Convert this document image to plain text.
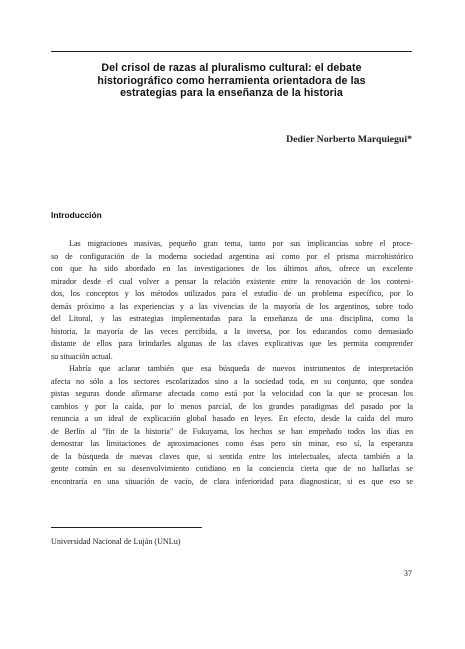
Del crisol de razas al pluralismo cultural: el debate
historiográfico como herramienta orientadora de las
estrategias para la enseñanza de la historia
Dedier Norberto Marquiegui*
Introducción
Las migraciones masivas, pequeño gran tema, tanto por sus implicancias sobre el proce-
so de configuración de la moderna sociedad argentina así como por el prisma microhistórico
con que ha sido abordado en las investigaciones de los últimos años, ofrece un excelente
mirador desde el cual volver a pensar la relación existente entre la renovación de los conteni-
dos, los conceptos y los métodos utilizados para el estudio de un problema específico, por lo
demás próximo a las experiencias y a las vivencias de la mayoría de los argentinos, sobre todo
del Litoral, y las estrategias implementadas para la enseñanza de una disciplina, como la
historia, la mayoría de las veces percibida, a la inversa, por los educandos como demasiado
distante de ellos para brindarles algunas de las claves explicativas que les permita comprender
su situación actual.
Habría que aclarar también que esa búsqueda de nuevos instrumentos de interpretación
afecta no sólo a los sectores escolarizados sino a la sociedad toda, en su conjunto, que sondea
pistas seguras donde afirmarse afectada como está por la velocidad con la que se procesan los
cambios y por la caída, por lo menos parcial, de los grandes paradigmas del pasado por la
renuncia a un ideal de explicación global basado en leyes. En efecto, desde la caída del muro
de Berlín al "fin de la historia" de Fukuyama, los hechos se han empeñado todos los días en
demostrar las limitaciones de aproximaciones como ésas pero sin minar, eso sí, la esperanza
de la búsqueda de nuevas claves que, si sentida entre los intelectuales, afecta también a la
gente común en su desenvolvimiento cotidiano en la conciencia cierta que de no hallarlas se
encontraría en una situación de vacío, de clara inferioridad para diagnosticar, si es que eso se
Universidad Nacional de Luján (UNLu)
37
